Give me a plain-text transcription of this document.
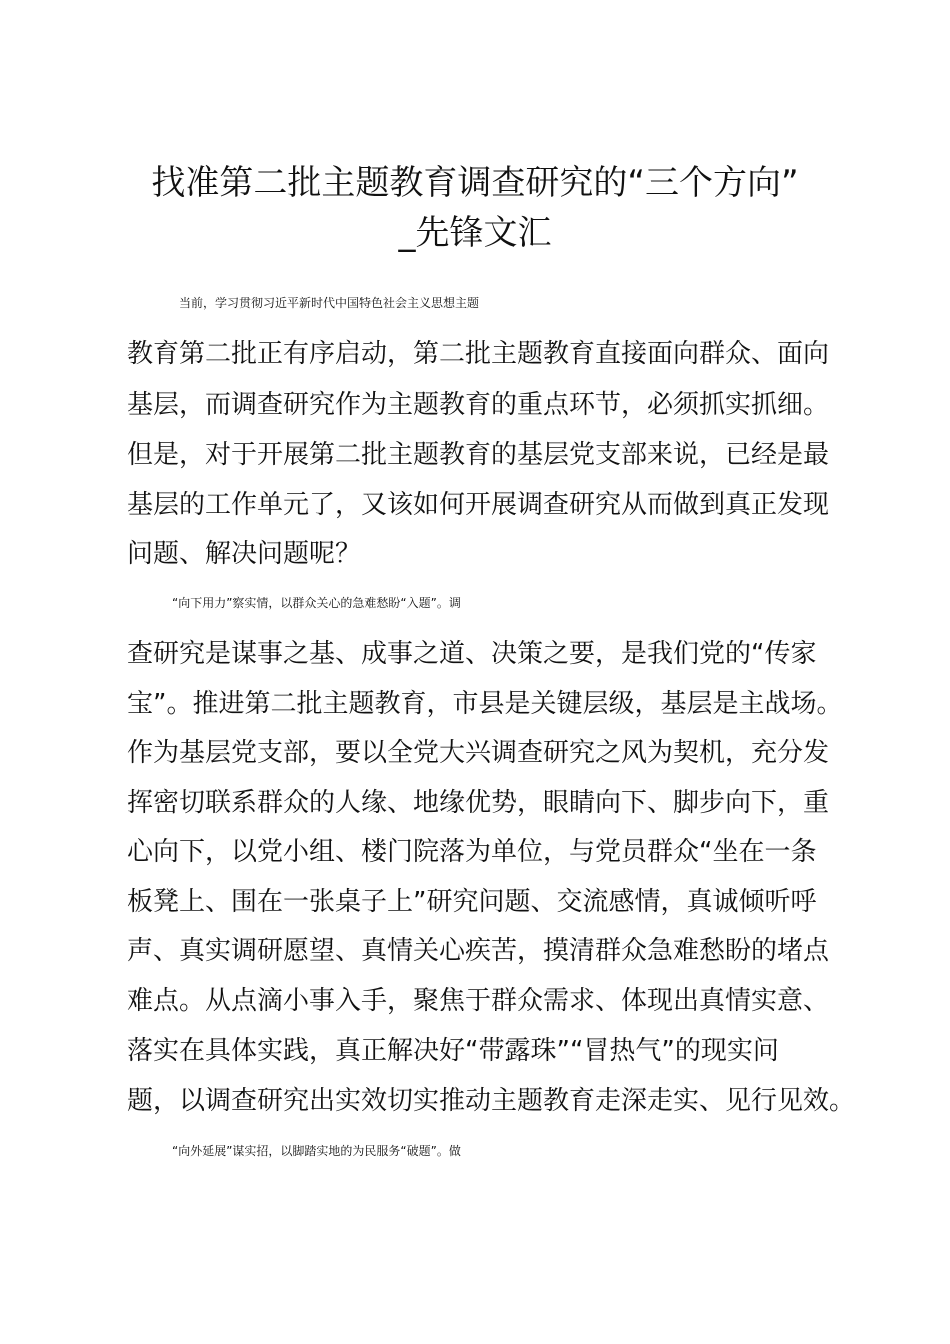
找准第二批主题教育调查研究的“三个方向”
_先锋文汇

当前，学习贯彻习近平新时代中国特色社会主义思想主题

教育第二批正有序启动，第二批主题教育直接面向群众、面向

基层，而调查研究作为主题教育的重点环节，必须抓实抓细。

但是，对于开展第二批主题教育的基层党支部来说，已经是最

基层的工作单元了，又该如何开展调查研究从而做到真正发现

问题、解决问题呢？

“向下用力”察实情，以群众关心的急难愁盼“入题”。调

查研究是谋事之基、成事之道、决策之要，是我们党的“传家

宝”。推进第二批主题教育，市县是关键层级，基层是主战场。

作为基层党支部，要以全党大兴调查研究之风为契机，充分发

挥密切联系群众的人缘、地缘优势，眼睛向下、脚步向下，重

心向下，以党小组、楼门院落为单位，与党员群众“坐在一条

板凳上、围在一张桌子上”研究问题、交流感情，真诚倾听呼

声、真实调研愿望、真情关心疾苦，摸清群众急难愁盼的堵点

难点。从点滴小事入手，聚焦于群众需求、体现出真情实意、

落实在具体实践，真正解决好“带露珠”“冒热气”的现实问

题，以调查研究出实效切实推动主题教育走深走实、见行见效。

“向外延展”谋实招，以脚踏实地的为民服务“破题”。做
